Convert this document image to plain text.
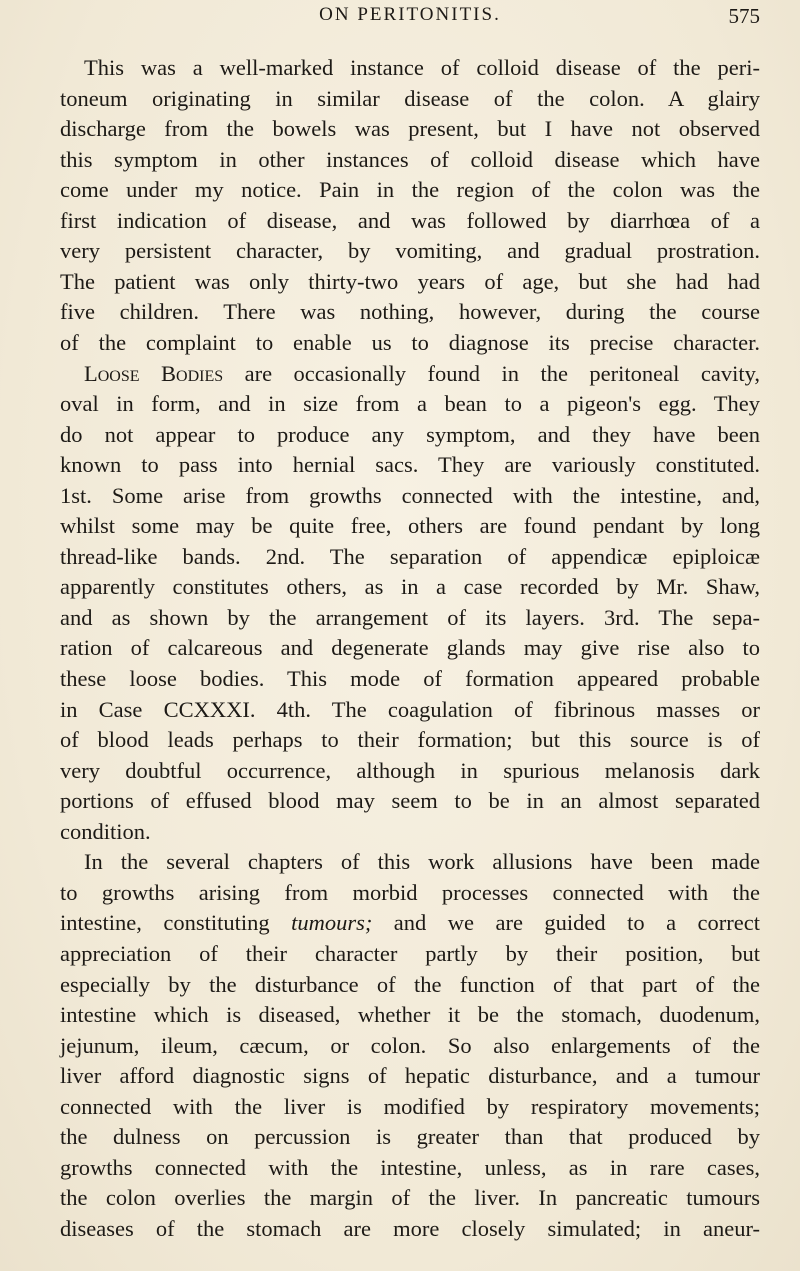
ON PERITONITIS.	575
This was a well-marked instance of colloid disease of the peri-
toneum originating in similar disease of the colon. A glairy
discharge from the bowels was present, but I have not observed
this symptom in other instances of colloid disease which have
come under my notice. Pain in the region of the colon was the
first indication of disease, and was followed by diarrhœa of a
very persistent character, by vomiting, and gradual prostration.
The patient was only thirty-two years of age, but she had had
five children. There was nothing, however, during the course
of the complaint to enable us to diagnose its precise character.
Loose Bodies are occasionally found in the peritoneal cavity,
oval in form, and in size from a bean to a pigeon's egg. They
do not appear to produce any symptom, and they have been
known to pass into hernial sacs. They are variously constituted.
1st. Some arise from growths connected with the intestine, and,
whilst some may be quite free, others are found pendant by long
thread-like bands. 2nd. The separation of appendicæ epiploicæ
apparently constitutes others, as in a case recorded by Mr. Shaw,
and as shown by the arrangement of its layers. 3rd. The sepa-
ration of calcareous and degenerate glands may give rise also to
these loose bodies. This mode of formation appeared probable
in Case CCXXXI. 4th. The coagulation of fibrinous masses or
of blood leads perhaps to their formation; but this source is of
very doubtful occurrence, although in spurious melanosis dark
portions of effused blood may seem to be in an almost separated
condition.
In the several chapters of this work allusions have been made
to growths arising from morbid processes connected with the
intestine, constituting tumours; and we are guided to a correct
appreciation of their character partly by their position, but
especially by the disturbance of the function of that part of the
intestine which is diseased, whether it be the stomach, duodenum,
jejunum, ileum, cæcum, or colon. So also enlargements of the
liver afford diagnostic signs of hepatic disturbance, and a tumour
connected with the liver is modified by respiratory movements;
the dulness on percussion is greater than that produced by
growths connected with the intestine, unless, as in rare cases,
the colon overlies the margin of the liver. In pancreatic tumours
diseases of the stomach are more closely simulated; in aneur-
